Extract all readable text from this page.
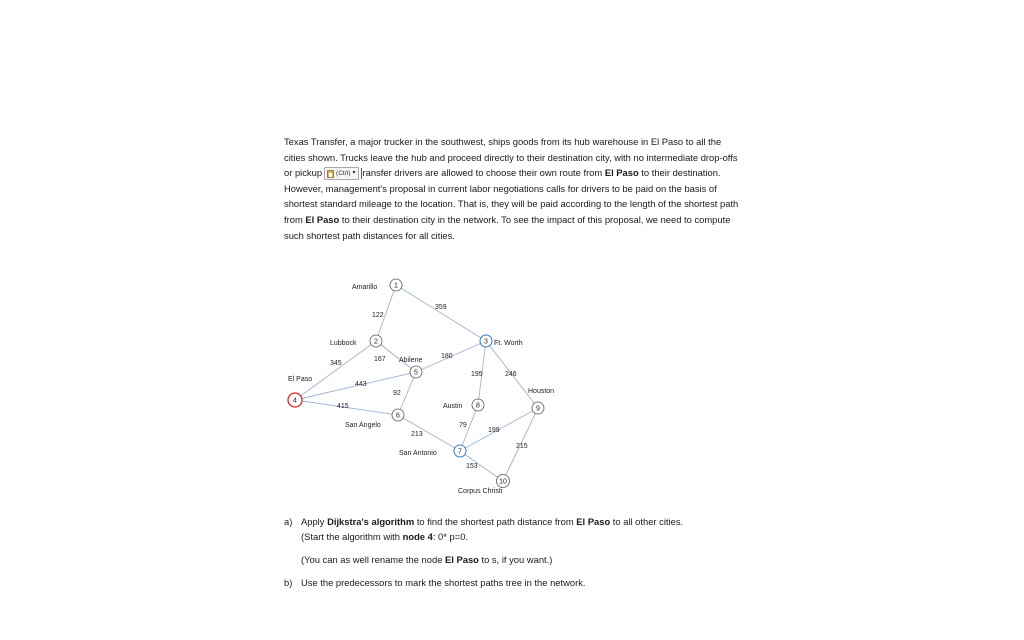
Texas Transfer, a major trucker in the southwest, ships goods from its hub warehouse in El Paso to all the cities shown. Trucks leave the hub and proceed directly to their destination city, with no intermediate drop-offs or pickup (Ctrl) ▾ ransfer drivers are allowed to choose their own route from El Paso to their destination. However, management's proposal in current labor negotiations calls for drivers to be paid on the basis of shortest standard mileage to the location. That is, they will be paid according to the length of the shortest path from El Paso to their destination city in the network. To see the impact of this proposal, we need to compute such shortest path distances for all cities.

122
359
345
167	180
443
415
92
195	246
213
79
199
215
153
Amarillo
Lubbock	Ft. Worth
Abilene
El Paso
Houston
Austin
San Angelo
San Antonio
Corpus Christi
1
2	3
4
5
6
7
8	9
10
a) Apply Dijkstra's algorithm to find the shortest path distance from El Paso to all other cities.
(Start the algorithm with node 4: 0* p=0.
(You can as well rename the node El Paso to s, if you want.)
b) Use the predecessors to mark the shortest paths tree in the network.
